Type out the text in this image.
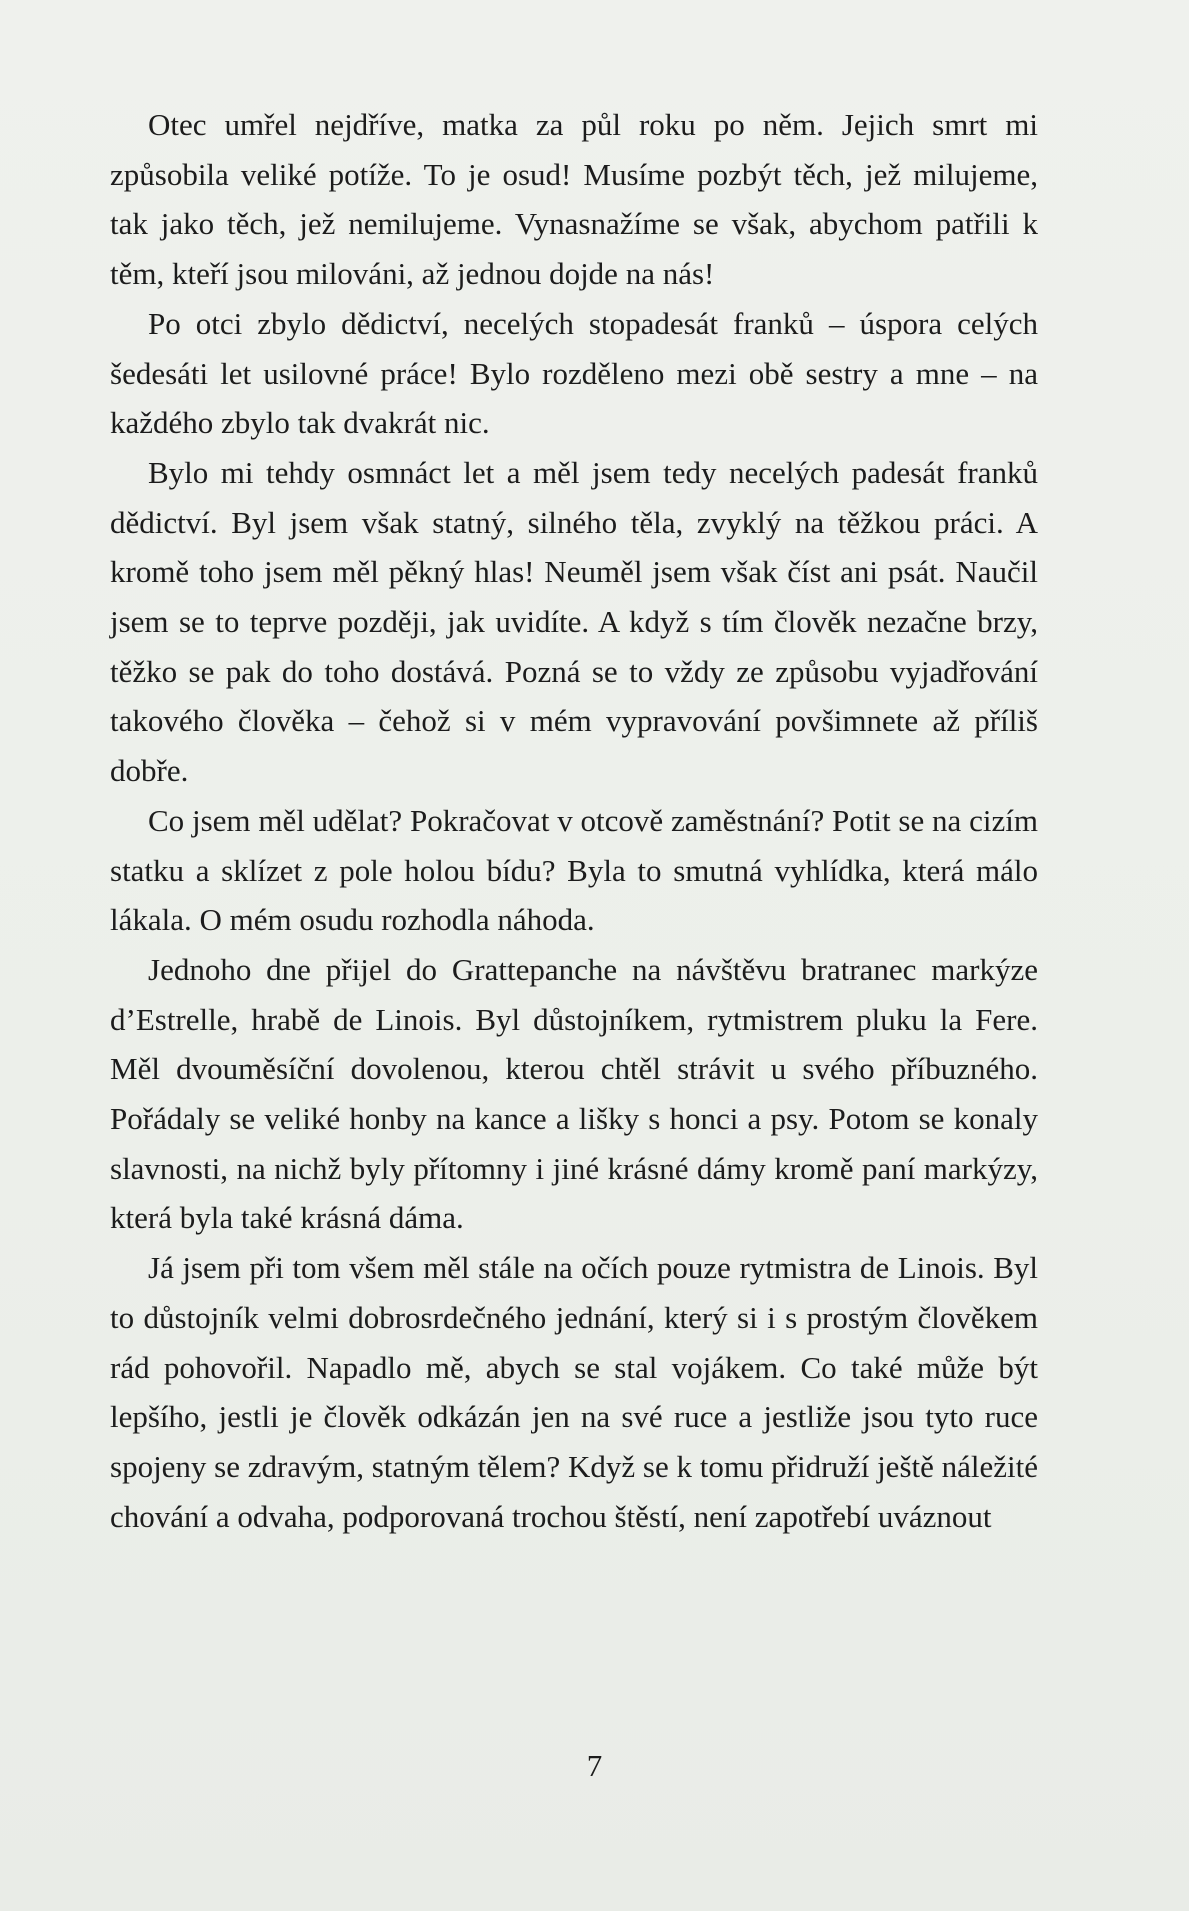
Otec umřel nejdříve, matka za půl roku po něm. Jejich smrt mi způsobila veliké potíže. To je osud! Musíme pozbýt těch, jež milujeme, tak jako těch, jež nemilujeme. Vynasnažíme se však, abychom patřili k těm, kteří jsou milováni, až jednou dojde na nás!

Po otci zbylo dědictví, necelých stopadesát franků – úspora celých šedesáti let usilovné práce! Bylo rozděleno mezi obě sestry a mne – na každého zbylo tak dvakrát nic.

Bylo mi tehdy osmnáct let a měl jsem tedy necelých padesát franků dědictví. Byl jsem však statný, silného těla, zvyklý na těžkou práci. A kromě toho jsem měl pěkný hlas! Neuměl jsem však číst ani psát. Naučil jsem se to teprve později, jak uvidíte. A když s tím člověk nezačne brzy, těžko se pak do toho dostává. Pozná se to vždy ze způsobu vyjadřování takového člověka – čehož si v mém vypravování povšimnete až příliš dobře.

Co jsem měl udělat? Pokračovat v otcově zaměstnání? Potit se na cizím statku a sklízet z pole holou bídu? Byla to smutná vyhlídka, která málo lákala. O mém osudu rozhodla náhoda.

Jednoho dne přijel do Grattepanche na návštěvu bratranec markýze d’Estrelle, hrabě de Linois. Byl důstojníkem, rytmistrem pluku la Fere. Měl dvouměsíční dovolenou, kterou chtěl strávit u svého příbuzného. Pořádaly se veliké honby na kance a lišky s honci a psy. Potom se konaly slavnosti, na nichž byly přítomny i jiné krásné dámy kromě paní markýzy, která byla také krásná dáma.

Já jsem při tom všem měl stále na očích pouze rytmistra de Linois. Byl to důstojník velmi dobrosrdečného jednání, který si i s prostým člověkem rád pohovořil. Napadlo mě, abych se stal vojákem. Co také může být lepšího, jestli je člověk odkázán jen na své ruce a jestliže jsou tyto ruce spojeny se zdravým, statným tělem? Když se k tomu přidruží ještě náležité chování a odvaha, podporovaná trochou štěstí, není zapotřebí uváznout

7
